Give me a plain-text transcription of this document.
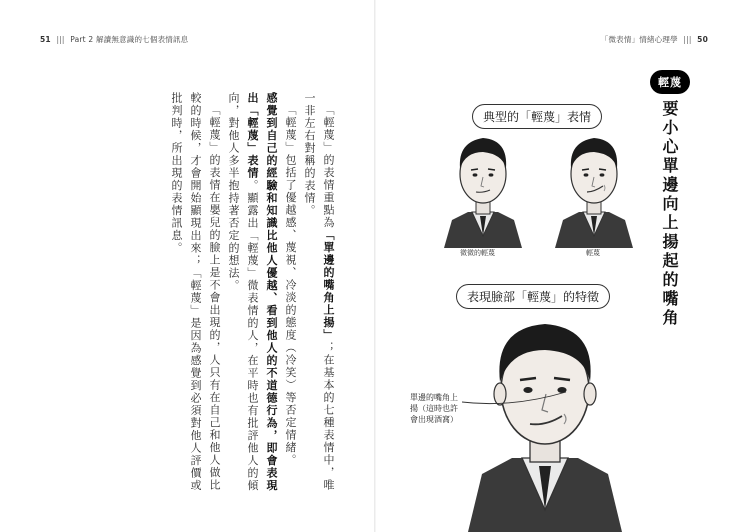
51 ||| Part 2 解讀無意識的七個表情訊息	「微表情」情緒心理學 ||| 50

「輕蔑」的表情重點為「單邊的嘴角上揚」；在基本的七種表情中，唯一非左右對稱的表情。

「輕蔑」包括了優越感、蔑視、冷淡的態度（冷笑）等否定情緒。

感覺到自己的經驗和知識比他人優越、看到他人的不道德行為，即會表現出「輕蔑」表情。顯露出「輕蔑」微表情的人，在平時也有批評他人的傾向，對他人多半抱持著否定的想法。

「輕蔑」的表情在嬰兒的臉上是不會出現的，人只有在自己和他人做比較的時候，才會開始顯現出來；「輕蔑」是因為感覺到必須對他人評價或批判時，所出現的表情訊息。

輕蔑
要小心單邊向上揚起的嘴角
典型的「輕蔑」表情
微微的輕蔑	輕蔑
表現臉部「輕蔑」的特徵
單邊的嘴角上
揚（這時也許
會出現酒窩）
